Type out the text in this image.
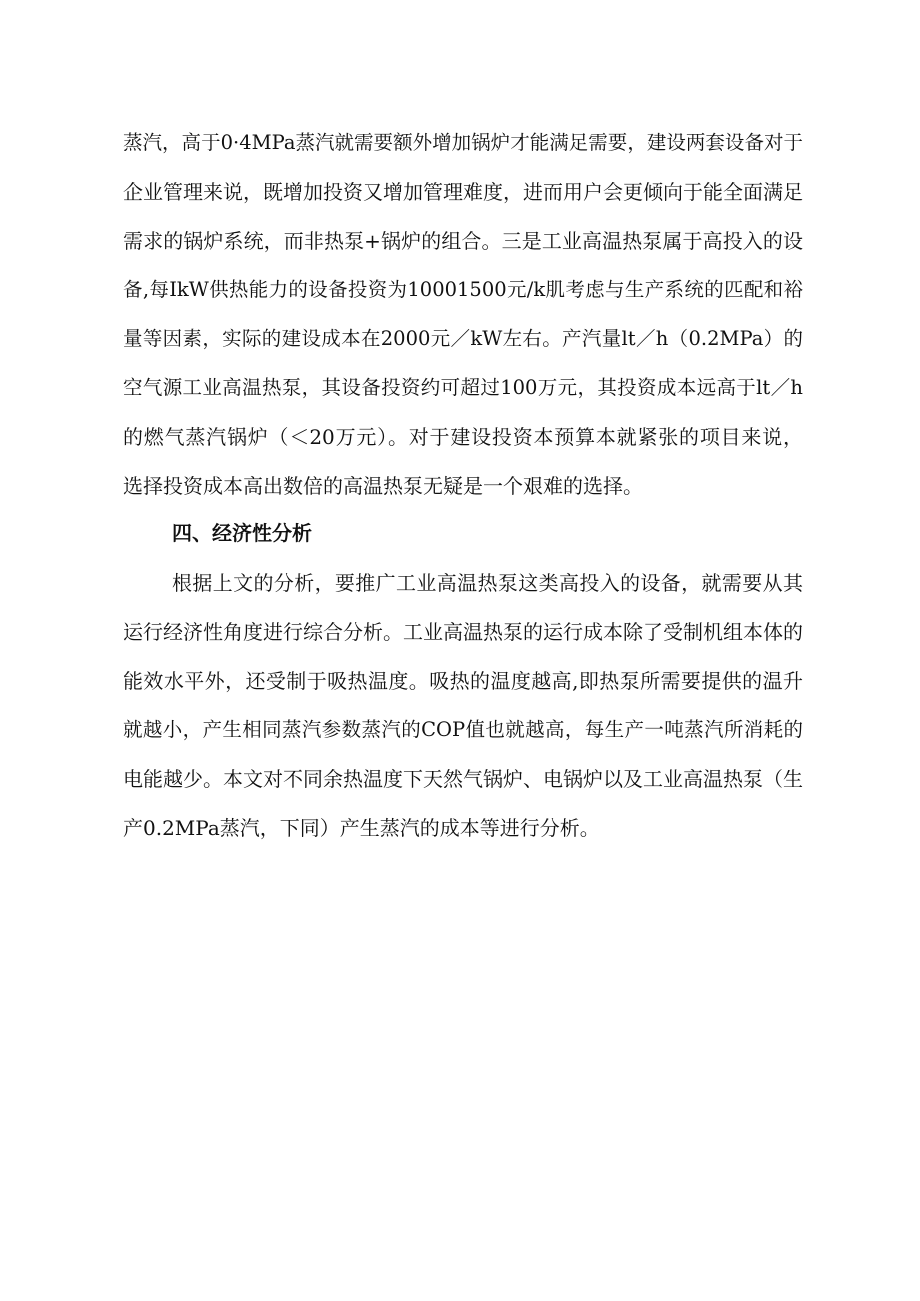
蒸汽，高于0·4MPa蒸汽就需要额外增加锅炉才能满足需要，建设两套设备对于
企业管理来说，既增加投资又增加管理难度，进而用户会更倾向于能全面满足
需求的锅炉系统，而非热泵+锅炉的组合。三是工业高温热泵属于高投入的设
备,每IkW供热能力的设备投资为10001500元/k肌考虑与生产系统的匹配和裕
量等因素，实际的建设成本在2000元／kW左右。产汽量lt／h（0.2MPa）的
空气源工业高温热泵，其设备投资约可超过100万元，其投资成本远高于lt／h
的燃气蒸汽锅炉（＜20万元）。对于建设投资本预算本就紧张的项目来说，
选择投资成本高出数倍的高温热泵无疑是一个艰难的选择。
四、经济性分析
根据上文的分析，要推广工业高温热泵这类高投入的设备，就需要从其
运行经济性角度进行综合分析。工业高温热泵的运行成本除了受制机组本体的
能效水平外，还受制于吸热温度。吸热的温度越高,即热泵所需要提供的温升
就越小，产生相同蒸汽参数蒸汽的COP值也就越高，每生产一吨蒸汽所消耗的
电能越少。本文对不同余热温度下天然气锅炉、电锅炉以及工业高温热泵（生
产0.2MPa蒸汽，下同）产生蒸汽的成本等进行分析。
